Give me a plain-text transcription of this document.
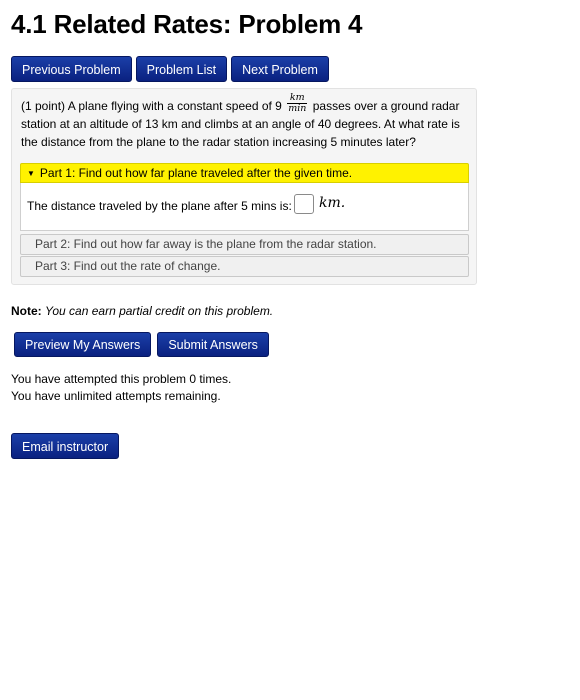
4.1 Related Rates: Problem 4
Previous Problem	Problem List	Next Problem
(1 point) A plane flying with a constant speed of $9 \frac{km}{\min}$ passes over a ground radar station at an altitude of 13 km and climbs at an angle of 40 degrees. At what rate is the distance from the plane to the radar station increasing 5 minutes later?
▼ Part 1: Find out how far plane traveled after the given time.
The distance traveled by the plane after 5 mins is: km.
Part 2: Find out how far away is the plane from the radar station.
Part 3: Find out the rate of change.
Note: You can earn partial credit on this problem.
Preview My Answers	Submit Answers
You have attempted this problem 0 times.
You have unlimited attempts remaining.
Email instructor
